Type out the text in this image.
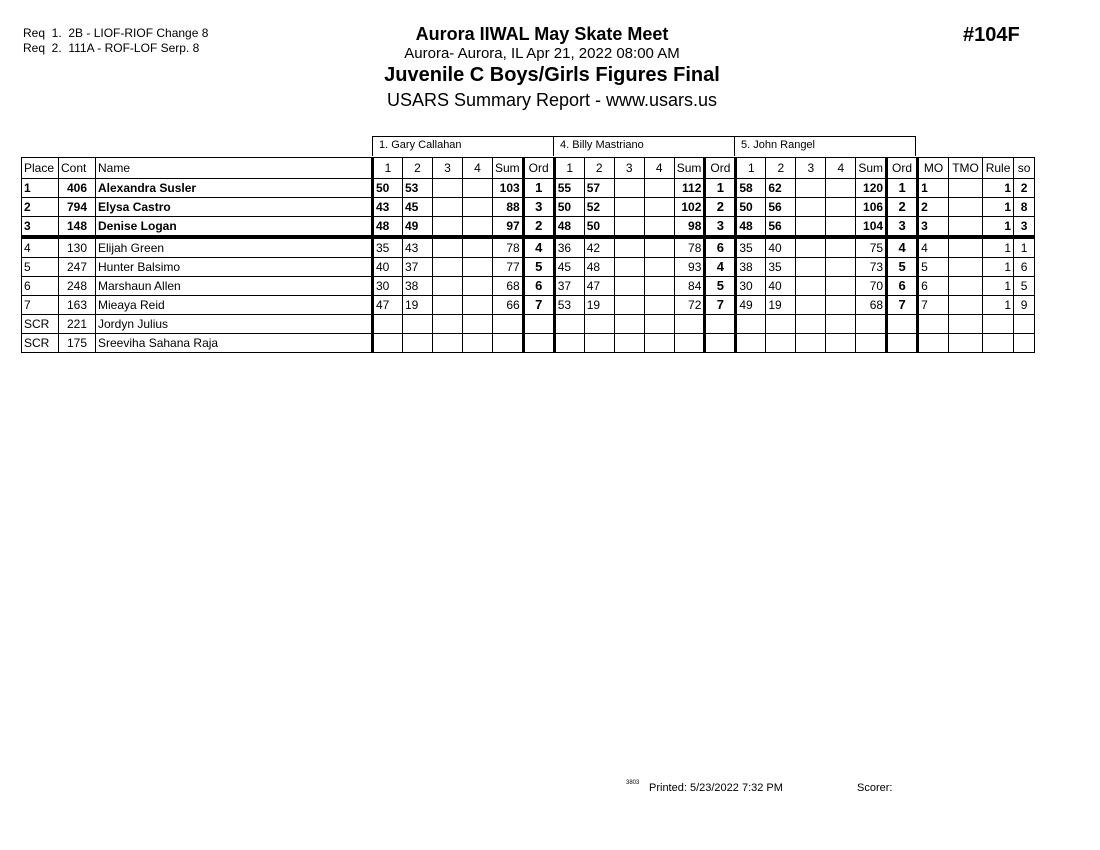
Req  1.  2B - LIOF-RIOF Change 8
Req  2.  111A - ROF-LOF Serp. 8
Aurora IIWAL May Skate Meet
Aurora- Aurora, IL Apr 21, 2022 08:00 AM
Juvenile C Boys/Girls Figures Final
USARS Summary Report - www.usars.us
#104F
1. Gary Callahan	4. Billy Mastriano	5. John Rangel
Place	Cont	Name	1	2	3	4	Sum	Ord	1	2	3	4	Sum	Ord	1	2	3	4	Sum	Ord	MO	TMO	Rule	so
1	406	Alexandra Susler	50	53			103	1	55	57			112	1	58	62			120	1	1		1	2
2	794	Elysa Castro	43	45			88	3	50	52			102	2	50	56			106	2	2		1	8
3	148	Denise Logan	48	49			97	2	48	50			98	3	48	56			104	3	3		1	3
4	130	Elijah Green	35	43			78	4	36	42			78	6	35	40			75	4	4		1	1
5	247	Hunter Balsimo	40	37			77	5	45	48			93	4	38	35			73	5	5		1	6
6	248	Marshaun Allen	30	38			68	6	37	47			84	5	30	40			70	6	6		1	5
7	163	Mieaya Reid	47	19			66	7	53	19			72	7	49	19			68	7	7		1	9
SCR	221	Jordyn Julius																						
SCR	175	Sreeviha Sahana Raja																						
3803 Printed: 5/23/2022 7:32 PM	Scorer:
